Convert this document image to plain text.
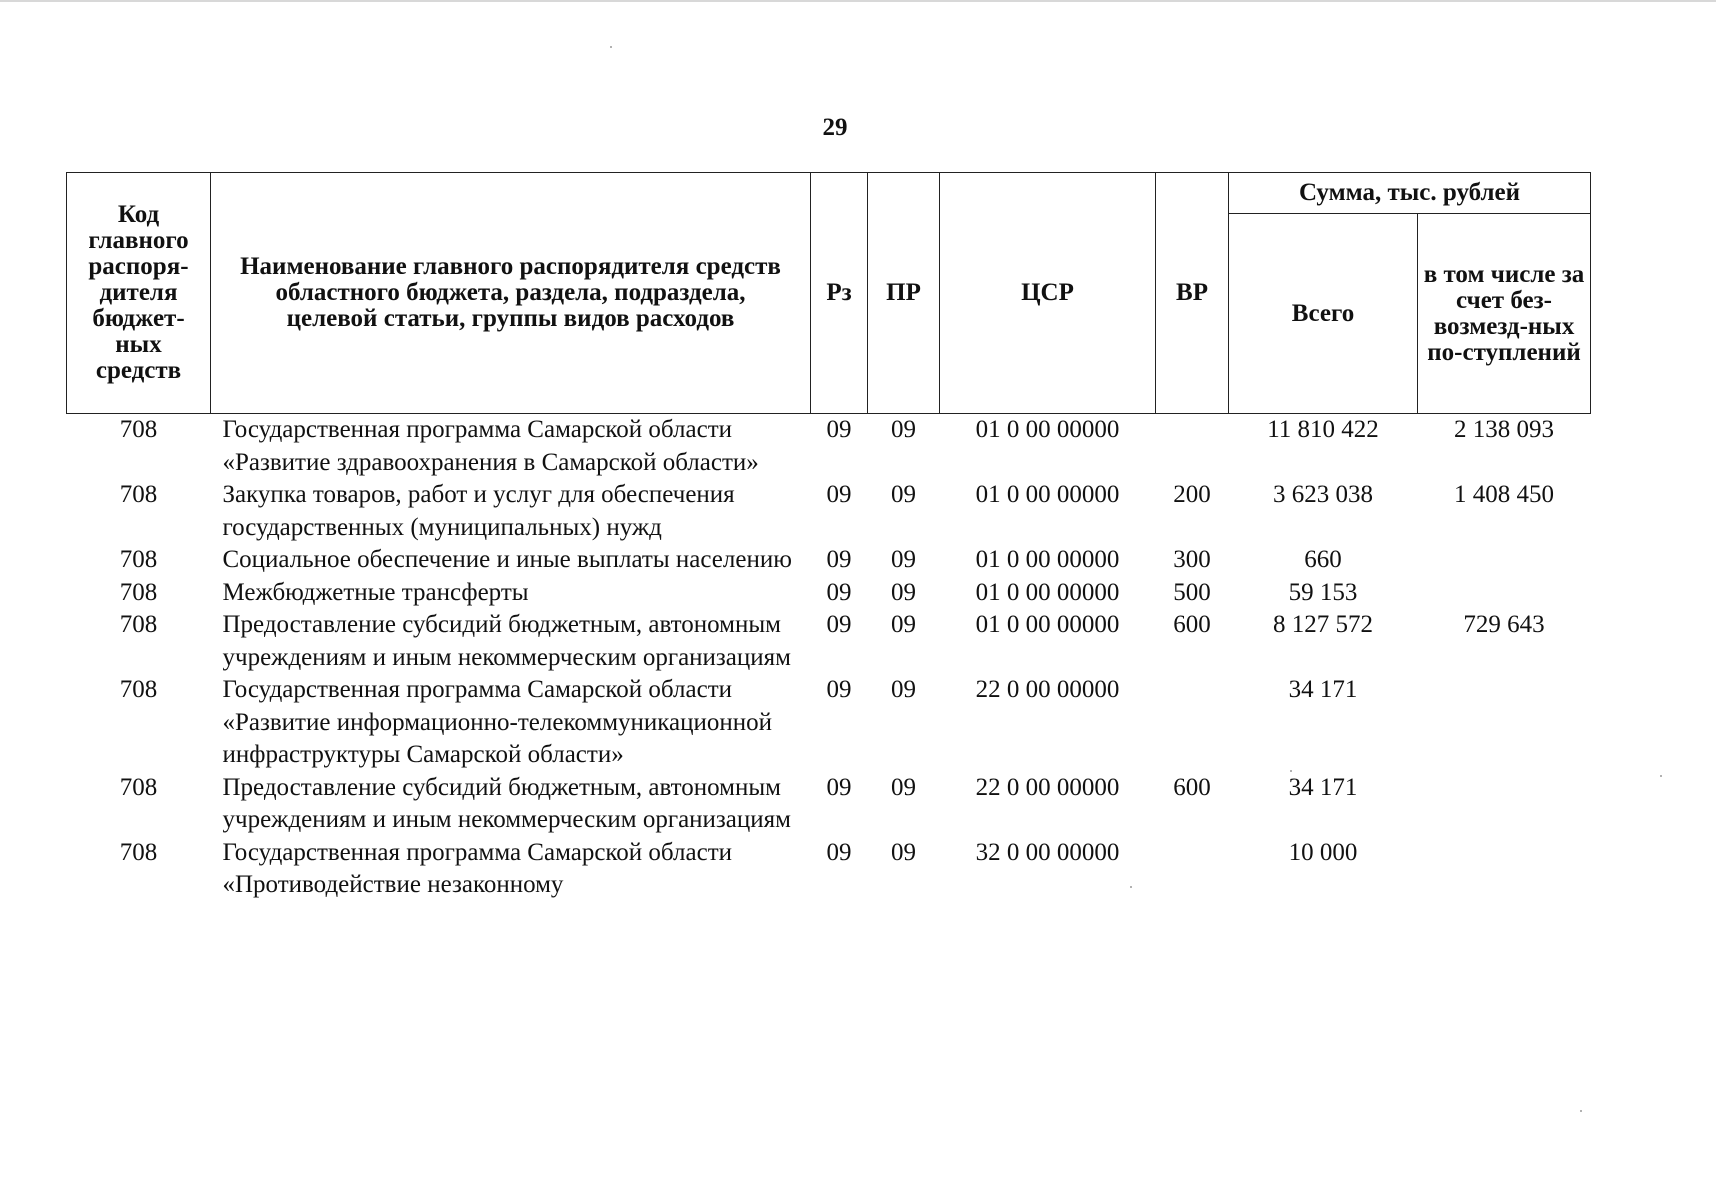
29
Код главного распоря-дителя бюджет-ных средств	Наименование главного распорядителя средств областного бюджета, раздела, подраздела, целевой статьи, группы видов расходов	Рз	ПР	ЦСР	ВР	Сумма, тыс. рублей	
						Всего	в том числе за счет без-возмезд-ных по-ступлений
708	Государственная программа Самарской области «Развитие здравоохранения в Самарской области»	09	09	01 0 00 00000		11 810 422	2 138 093
708	Закупка товаров, работ и услуг для обеспечения государственных (муниципальных) нужд	09	09	01 0 00 00000	200	3 623 038	1 408 450
708	Социальное обеспечение и иные выплаты населению	09	09	01 0 00 00000	300	660	
708	Межбюджетные трансферты	09	09	01 0 00 00000	500	59 153	
708	Предоставление субсидий бюджетным, автономным учреждениям и иным некоммерческим организациям	09	09	01 0 00 00000	600	8 127 572	729 643
708	Государственная программа Самарской области «Развитие информационно-телекоммуникационной инфраструктуры Самарской области»	09	09	22 0 00 00000		34 171	
708	Предоставление субсидий бюджетным, автономным учреждениям и иным некоммерческим организациям	09	09	22 0 00 00000	600	34 171	
708	Государственная программа Самарской области «Противодействие незаконному	09	09	32 0 00 00000		10 000	
